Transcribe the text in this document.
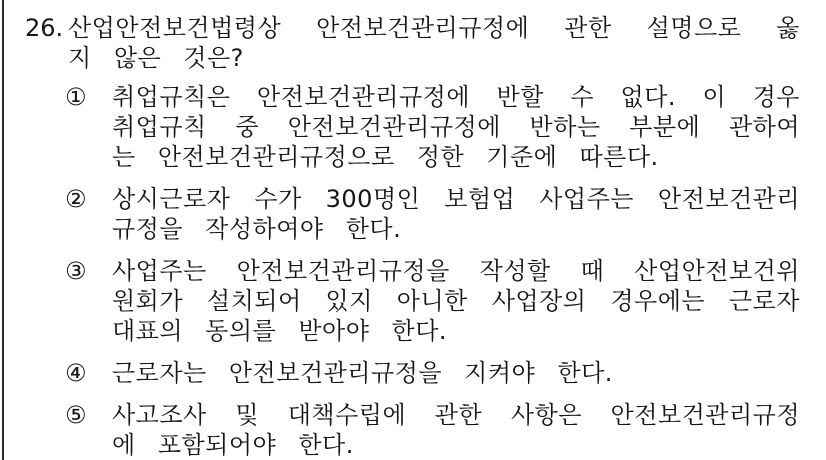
26. 산업안전보건법령상 안전보건관리규정에 관한 설명으로 옳
지 않은 것은?
①	취업규칙은 안전보건관리규정에 반할 수 없다. 이 경우
취업규칙 중 안전보건관리규정에 반하는 부분에 관하여
는 안전보건관리규정으로 정한 기준에 따른다.
②	상시근로자 수가 300명인 보험업 사업주는 안전보건관리
규정을 작성하여야 한다.
③	사업주는 안전보건관리규정을 작성할 때 산업안전보건위
원회가 설치되어 있지 아니한 사업장의 경우에는 근로자
대표의 동의를 받아야 한다.
④	근로자는 안전보건관리규정을 지켜야 한다.
⑤	사고조사 및 대책수립에 관한 사항은 안전보건관리규정
에 포함되어야 한다.
